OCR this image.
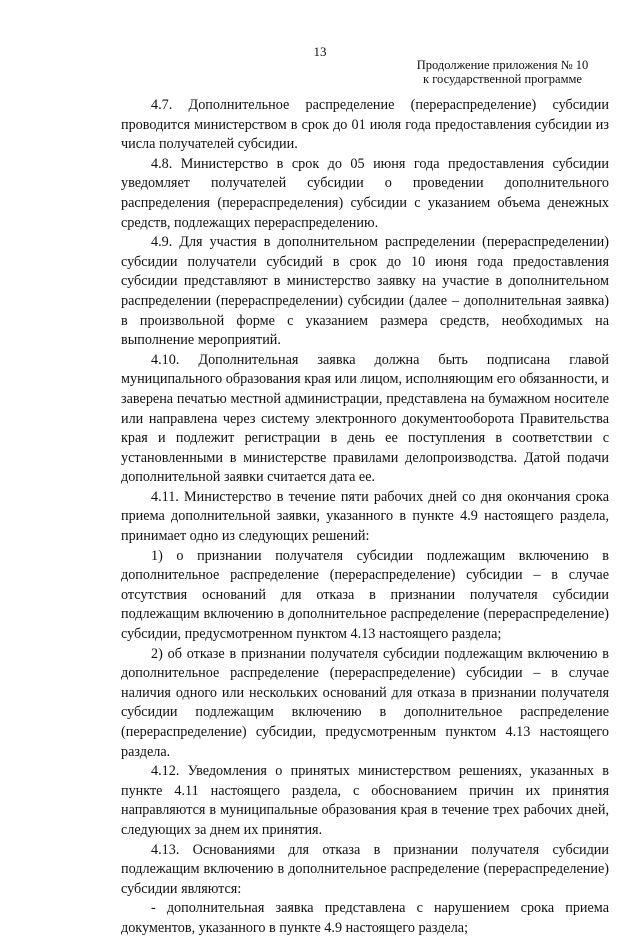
13
Продолжение приложения № 10
к государственной программе

4.7. Дополнительное распределение (перераспределение) субсидии проводится министерством в срок до 01 июля года предоставления субсидии из числа получателей субсидии.

4.8. Министерство в срок до 05 июня года предоставления субсидии уведомляет получателей субсидии о проведении дополнительного распределения (перераспределения) субсидии с указанием объема денежных средств, подлежащих перераспределению.

4.9. Для участия в дополнительном распределении (перераспределении) субсидии получатели субсидий в срок до 10 июня года предоставления субсидии представляют в министерство заявку на участие в дополнительном распределении (перераспределении) субсидии (далее – дополнительная заявка) в произвольной форме с указанием размера средств, необходимых на выполнение мероприятий.

4.10. Дополнительная заявка должна быть подписана главой муниципального образования края или лицом, исполняющим его обязанности, и заверена печатью местной администрации, представлена на бумажном носителе или направлена через систему электронного документооборота Правительства края и подлежит регистрации в день ее поступления в соответствии с установленными в министерстве правилами делопроизводства. Датой подачи дополнительной заявки считается дата ее.

4.11. Министерство в течение пяти рабочих дней со дня окончания срока приема дополнительной заявки, указанного в пункте 4.9 настоящего раздела, принимает одно из следующих решений:

1) о признании получателя субсидии подлежащим включению в дополнительное распределение (перераспределение) субсидии – в случае отсутствия оснований для отказа в признании получателя субсидии подлежащим включению в дополнительное распределение (перераспределение) субсидии, предусмотренном пунктом 4.13 настоящего раздела;

2) об отказе в признании получателя субсидии подлежащим включению в дополнительное распределение (перераспределение) субсидии – в случае наличия одного или нескольких оснований для отказа в признании получателя субсидии подлежащим включению в дополнительное распределение (перераспределение) субсидии, предусмотренным пунктом 4.13 настоящего раздела.

4.12. Уведомления о принятых министерством решениях, указанных в пункте 4.11 настоящего раздела, с обоснованием причин их принятия направляются в муниципальные образования края в течение трех рабочих дней, следующих за днем их принятия.

4.13. Основаниями для отказа в признании получателя субсидии подлежащим включению в дополнительное распределение (перераспределение) субсидии являются:

- дополнительная заявка представлена с нарушением срока приема документов, указанного в пункте 4.9 настоящего раздела;
